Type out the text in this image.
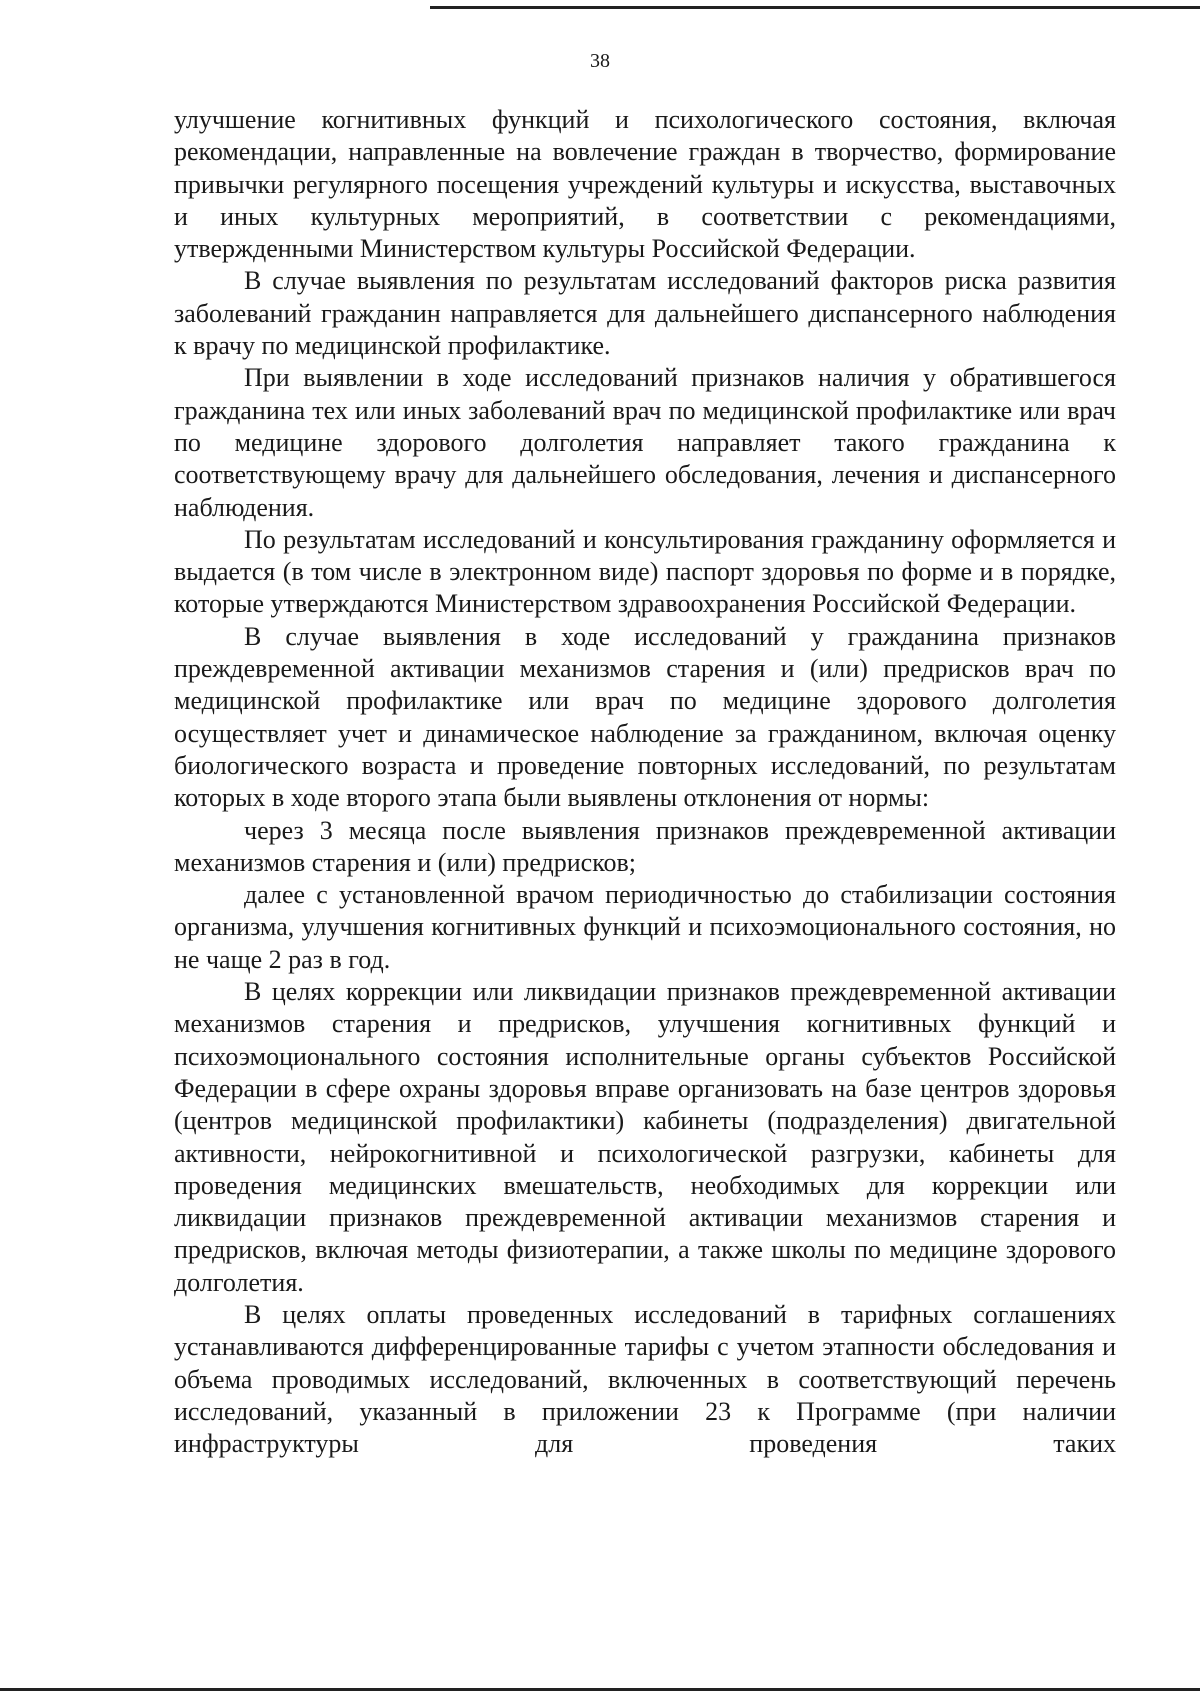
38

улучшение когнитивных функций и психологического состояния, включая рекомендации, направленные на вовлечение граждан в творчество, формирование привычки регулярного посещения учреждений культуры и искусства, выставочных и иных культурных мероприятий, в соответствии с рекомендациями, утвержденными Министерством культуры Российской Федерации.

В случае выявления по результатам исследований факторов риска развития заболеваний гражданин направляется для дальнейшего диспансерного наблюдения к врачу по медицинской профилактике.

При выявлении в ходе исследований признаков наличия у обратившегося гражданина тех или иных заболеваний врач по медицинской профилактике или врач по медицине здорового долголетия направляет такого гражданина к соответствующему врачу для дальнейшего обследования, лечения и диспансерного наблюдения.

По результатам исследований и консультирования гражданину оформляется и выдается (в том числе в электронном виде) паспорт здоровья по форме и в порядке, которые утверждаются Министерством здравоохранения Российской Федерации.

В случае выявления в ходе исследований у гражданина признаков преждевременной активации механизмов старения и (или) предрисков врач по медицинской профилактике или врач по медицине здорового долголетия осуществляет учет и динамическое наблюдение за гражданином, включая оценку биологического возраста и проведение повторных исследований, по результатам которых в ходе второго этапа были выявлены отклонения от нормы:

через 3 месяца после выявления признаков преждевременной активации механизмов старения и (или) предрисков;

далее с установленной врачом периодичностью до стабилизации состояния организма, улучшения когнитивных функций и психоэмоционального состояния, но не чаще 2 раз в год.

В целях коррекции или ликвидации признаков преждевременной активации механизмов старения и предрисков, улучшения когнитивных функций и психоэмоционального состояния исполнительные органы субъектов Российской Федерации в сфере охраны здоровья вправе организовать на базе центров здоровья (центров медицинской профилактики) кабинеты (подразделения) двигательной активности, нейрокогнитивной и психологической разгрузки, кабинеты для проведения медицинских вмешательств, необходимых для коррекции или ликвидации признаков преждевременной активации механизмов старения и предрисков, включая методы физиотерапии, а также школы по медицине здорового долголетия.

В целях оплаты проведенных исследований в тарифных соглашениях устанавливаются дифференцированные тарифы с учетом этапности обследования и объема проводимых исследований, включенных в соответствующий перечень исследований, указанный в приложении 23 к Программе (при наличии инфраструктуры для проведения таких
